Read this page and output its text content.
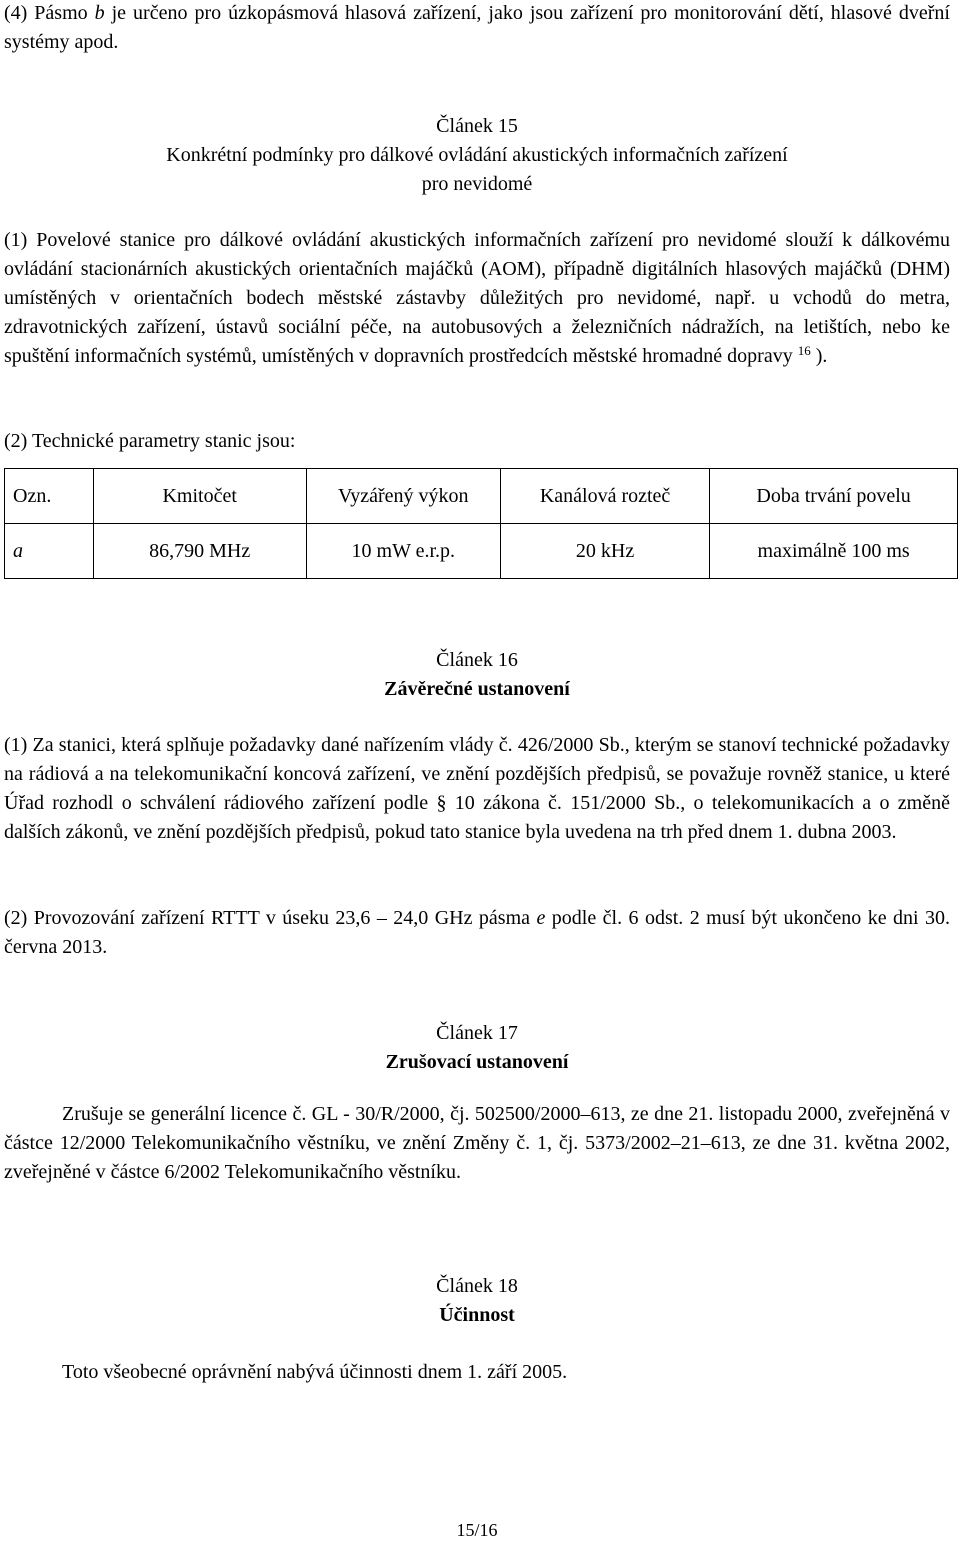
(4) Pásmo b je určeno pro úzkopásmová hlasová zařízení, jako jsou zařízení pro monitorování dětí, hlasové dveřní systémy apod.

Článek 15
Konkrétní podmínky pro dálkové ovládání akustických informačních zařízení
pro nevidomé

(1) Povelové stanice pro dálkové ovládání akustických informačních zařízení pro nevidomé slouží k dálkovému ovládání stacionárních akustických orientačních majáčků (AOM), případně digitálních hlasových majáčků (DHM) umístěných v orientačních bodech městské zástavby důležitých pro nevidomé, např. u vchodů do metra, zdravotnických zařízení, ústavů sociální péče, na autobusových a železničních nádražích, na letištích, nebo ke spuštění informačních systémů, umístěných v dopravních prostředcích městské hromadné dopravy $^{16}$ ).

(2) Technické parametry stanic jsou:

Ozn.	Kmitočet	Vyzářený výkon	Kanálová rozteč	Doba trvání povelu
a	86,790 MHz	10 mW e.r.p.	20 kHz	maximálně 100 ms
Článek 16
Závěrečné ustanovení

(1) Za stanici, která splňuje požadavky dané nařízením vlády č. 426/2000 Sb., kterým se stanoví technické požadavky na rádiová a na telekomunikační koncová zařízení, ve znění pozdějších předpisů, se považuje rovněž stanice, u které Úřad rozhodl o schválení rádiového zařízení podle § 10 zákona č. 151/2000 Sb., o telekomunikacích a o změně dalších zákonů, ve znění pozdějších předpisů, pokud tato stanice byla uvedena na trh před dnem 1. dubna 2003.

(2) Provozování zařízení RTTT v úseku 23,6 – 24,0 GHz pásma e podle čl. 6 odst. 2 musí být ukončeno ke dni 30. června 2013.

Článek 17
Zrušovací ustanovení

Zrušuje se generální licence č. GL - 30/R/2000, čj. 502500/2000–613, ze dne 21. listopadu 2000, zveřejněná v částce 12/2000 Telekomunikačního věstníku, ve znění Změny č. 1, čj. 5373/2002–21–613, ze dne 31. května 2002, zveřejněné v částce 6/2002 Telekomunikačního věstníku.

Článek 18
Účinnost

Toto všeobecné oprávnění nabývá účinnosti dnem 1. září 2005.

15/16
